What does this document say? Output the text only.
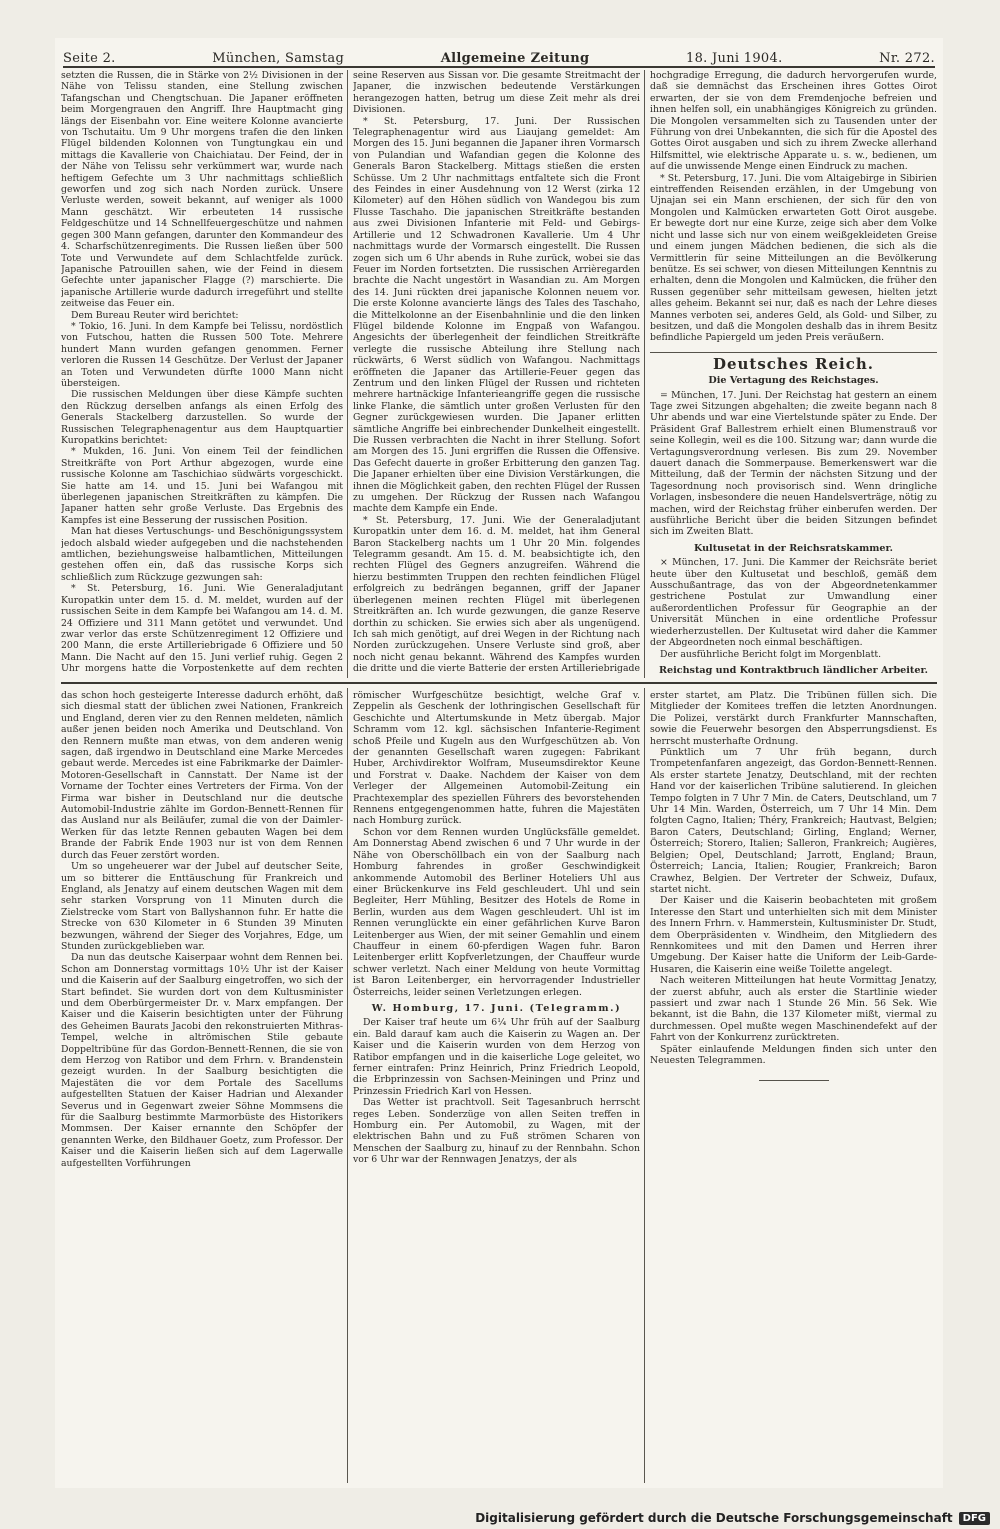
Seite 2.	München, Samstag	Allgemeine Zeitung	18. Juni 1904.	Nr. 272.

setzten die Russen, die in Stärke von 2½ Divisionen in der Nähe von Telissu standen, eine Stellung zwischen Tafangschan und Chengtschuan. Die Japaner eröffneten beim Morgengrauen den Angriff. Ihre Hauptmacht ging längs der Eisenbahn vor. Eine weitere Kolonne avancierte von Tschutaitu. Um 9 Uhr morgens trafen die den linken Flügel bildenden Kolonnen von Tungtungkau ein und mittags die Kavallerie von Chaichiatau. Der Feind, der in der Nähe von Telissu sehr verkümmert war, wurde nach heftigem Gefechte um 3 Uhr nachmittags schließlich geworfen und zog sich nach Norden zurück. Unsere Verluste werden, soweit bekannt, auf weniger als 1000 Mann geschätzt. Wir erbeuteten 14 russische Feldgeschütze und 14 Schnellfeuergeschütze und nahmen gegen 300 Mann gefangen, darunter den Kommandeur des 4. Scharfschützenregiments. Die Russen ließen über 500 Tote und Verwundete auf dem Schlachtfelde zurück. Japanische Patrouillen sahen, wie der Feind in diesem Gefechte unter japanischer Flagge (?) marschierte. Die japanische Artillerie wurde dadurch irregeführt und stellte zeitweise das Feuer ein.

Dem Bureau Reuter wird berichtet:

* Tokio, 16. Juni. In dem Kampfe bei Telissu, nordöstlich von Futschou, hatten die Russen 500 Tote. Mehrere hundert Mann wurden gefangen genommen. Ferner verloren die Russen 14 Geschütze. Der Verlust der Japaner an Toten und Verwundeten dürfte 1000 Mann nicht übersteigen.

Die russischen Meldungen über diese Kämpfe suchten den Rückzug derselben anfangs als einen Erfolg des Generals Stackelberg darzustellen. So wurde der Russischen Telegraphenagentur aus dem Hauptquartier Kuropatkins berichtet:

* Mukden, 16. Juni. Von einem Teil der feindlichen Streitkräfte von Port Arthur abgezogen, wurde eine russische Kolonne am Taschichiao südwärts vorgeschickt. Sie hatte am 14. und 15. Juni bei Wafangou mit überlegenen japanischen Streitkräften zu kämpfen. Die Japaner hatten sehr große Verluste. Das Ergebnis des Kampfes ist eine Besserung der russischen Position.

Man hat dieses Vertuschungs- und Beschönigungssystem jedoch alsbald wieder aufgegeben und die nachstehenden amtlichen, beziehungsweise halbamtlichen, Mitteilungen gestehen offen ein, daß das russische Korps sich schließlich zum Rückzuge gezwungen sah:

* St. Petersburg, 16. Juni. Wie Generaladjutant Kuropatkin unter dem 15. d. M. meldet, wurden auf der russischen Seite in dem Kampfe bei Wafangou am 14. d. M. 24 Offiziere und 311 Mann getötet und verwundet. Und zwar verlor das erste Schützenregiment 12 Offiziere und 200 Mann, die erste Artilleriebrigade 6 Offiziere und 50 Mann. Die Nacht auf den 15. Juni verlief ruhig. Gegen 2 Uhr morgens hatte die Vorpostenkette auf dem rechten

seine Reserven aus Sissan vor. Die gesamte Streitmacht der Japaner, die inzwischen bedeutende Verstärkungen herangezogen hatten, betrug um diese Zeit mehr als drei Divisionen.

* St. Petersburg, 17. Juni. Der Russischen Telegraphenagentur wird aus Liaujang gemeldet: Am Morgen des 15. Juni begannen die Japaner ihren Vormarsch von Pulandian und Wafandian gegen die Kolonne des Generals Baron Stackelberg. Mittags stießen die ersten Schüsse. Um 2 Uhr nachmittags entfaltete sich die Front des Feindes in einer Ausdehnung von 12 Werst (zirka 12 Kilometer) auf den Höhen südlich von Wandegou bis zum Flusse Taschaho. Die japanischen Streitkräfte bestanden aus zwei Divisionen Infanterie mit Feld- und Gebirgs-Artillerie und 12 Schwadronen Kavallerie. Um 4 Uhr nachmittags wurde der Vormarsch eingestellt. Die Russen zogen sich um 6 Uhr abends in Ruhe zurück, wobei sie das Feuer im Norden fortsetzten. Die russischen Arrièregarden brachte die Nacht ungestört in Wasandian zu. Am Morgen des 14. Juni rückten drei japanische Kolonnen neuem vor. Die erste Kolonne avancierte längs des Tales des Taschaho, die Mittelkolonne an der Eisenbahnlinie und die den linken Flügel bildende Kolonne im Engpaß von Wafangou. Angesichts der überlegenheit der feindlichen Streitkräfte verlegte die russische Abteilung ihre Stellung nach rückwärts, 6 Werst südlich von Wafangou. Nachmittags eröffneten die Japaner das Artillerie-Feuer gegen das Zentrum und den linken Flügel der Russen und richteten mehrere hartnäckige Infanterieangriffe gegen die russische linke Flanke, die sämtlich unter großen Verlusten für den Gegner zurückgewiesen wurden. Die Japaner erlitten sämtliche Angriffe bei einbrechender Dunkelheit eingestellt. Die Russen verbrachten die Nacht in ihrer Stellung. Sofort am Morgen des 15. Juni ergriffen die Russen die Offensive. Das Gefecht dauerte in großer Erbitterung den ganzen Tag. Die Japaner erhielten über eine Division Verstärkungen, die ihnen die Möglichkeit gaben, den rechten Flügel der Russen zu umgehen. Der Rückzug der Russen nach Wafangou machte dem Kampfe ein Ende.

* St. Petersburg, 17. Juni. Wie der Generaladjutant Kuropatkin unter dem 16. d. M. meldet, hat ihm General Baron Stackelberg nachts um 1 Uhr 20 Min. folgendes Telegramm gesandt. Am 15. d. M. beabsichtigte ich, den rechten Flügel des Gegners anzugreifen. Während die hierzu bestimmten Truppen den rechten feindlichen Flügel erfolgreich zu bedrängen begannen, griff der Japaner überlegenen meinen rechten Flügel mit überlegenen Streitkräften an. Ich wurde gezwungen, die ganze Reserve dorthin zu schicken. Sie erwies sich aber als ungenügend. Ich sah mich genötigt, auf drei Wegen in der Richtung nach Norden zurückzugehen. Unsere Verluste sind groß, aber noch nicht genau bekannt. Während des Kampfes wurden die dritte und die vierte Batterie der ersten Artilleriebrigade

hochgradige Erregung, die dadurch hervorgerufen wurde, daß sie demnächst das Erscheinen ihres Gottes Oirot erwarten, der sie von dem Fremdenjoche befreien und ihnen helfen soll, ein unabhängiges Königreich zu gründen. Die Mongolen versammelten sich zu Tausenden unter der Führung von drei Unbekannten, die sich für die Apostel des Gottes Oirot ausgaben und sich zu ihrem Zwecke allerhand Hilfsmittel, wie elektrische Apparate u. s. w., bedienen, um auf die unwissende Menge einen Eindruck zu machen.

* St. Petersburg, 17. Juni. Die vom Altaigebirge in Sibirien eintreffenden Reisenden erzählen, in der Umgebung von Ujnajan sei ein Mann erschienen, der sich für den von Mongolen und Kalmücken erwarteten Gott Oirot ausgebe. Er bewegte dort nur eine Kurze, zeige sich aber dem Volke nicht und lasse sich nur von einem weißgekleideten Greise und einem jungen Mädchen bedienen, die sich als die Vermittlerin für seine Mitteilungen an die Bevölkerung benütze. Es sei schwer, von diesen Mitteilungen Kenntnis zu erhalten, denn die Mongolen und Kalmücken, die früher den Russen gegenüber sehr mitteilsam gewesen, hielten jetzt alles geheim. Bekannt sei nur, daß es nach der Lehre dieses Mannes verboten sei, anderes Geld, als Gold- und Silber, zu besitzen, und daß die Mongolen deshalb das in ihrem Besitz befindliche Papiergeld um jeden Preis veräußern.

Deutsches Reich.
Die Vertagung des Reichstages.

= München, 17. Juni. Der Reichstag hat gestern an einem Tage zwei Sitzungen abgehalten; die zweite begann nach 8 Uhr abends und war eine Viertelstunde später zu Ende. Der Präsident Graf Ballestrem erhielt einen Blumenstrauß vor seine Kollegin, weil es die 100. Sitzung war; dann wurde die Vertagungsverordnung verlesen. Bis zum 29. November dauert danach die Sommerpause. Bemerkenswert war die Mitteilung, daß der Termin der nächsten Sitzung und der Tagesordnung noch provisorisch sind. Wenn dringliche Vorlagen, insbesondere die neuen Handelsverträge, nötig zu machen, wird der Reichstag früher einberufen werden. Der ausführliche Bericht über die beiden Sitzungen befindet sich im Zweiten Blatt.

Kultusetat in der Reichsratskammer.

× München, 17. Juni. Die Kammer der Reichsräte beriet heute über den Kultusetat und beschloß, gemäß dem Ausschußantrage, das von der Abgeordnetenkammer gestrichene Postulat zur Umwandlung einer außerordentlichen Professur für Geographie an der Universität München in eine ordentliche Professur wiederherzustellen. Der Kultusetat wird daher die Kammer der Abgeordneten noch einmal beschäftigen.

Der ausführliche Bericht folgt im Morgenblatt.

Reichstag und Kontraktbruch ländlicher Arbeiter.

das schon hoch gesteigerte Interesse dadurch erhöht, daß sich diesmal statt der üblichen zwei Nationen, Frankreich und England, deren vier zu den Rennen meldeten, nämlich außer jenen beiden noch Amerika und Deutschland. Von den Rennern mußte man etwas, von dem anderen wenig sagen, daß irgendwo in Deutschland eine Marke Mercedes gebaut werde. Mercedes ist eine Fabrikmarke der Daimler-Motoren-Gesellschaft in Cannstatt. Der Name ist der Vorname der Tochter eines Vertreters der Firma. Von der Firma war bisher in Deutschland nur die deutsche Automobil-Industrie zählte im Gordon-Bennett-Rennen für das Ausland nur als Beiläufer, zumal die von der Daimler-Werken für das letzte Rennen gebauten Wagen bei dem Brande der Fabrik Ende 1903 nur ist von dem Rennen durch das Feuer zerstört worden.

Um so ungeheuerer war der Jubel auf deutscher Seite, um so bitterer die Enttäuschung für Frankreich und England, als Jenatzy auf einem deutschen Wagen mit dem sehr starken Vorsprung von 11 Minuten durch die Zielstrecke vom Start von Ballyshannon fuhr. Er hatte die Strecke von 630 Kilometer in 6 Stunden 39 Minuten bezwungen, während der Sieger des Vorjahres, Edge, um Stunden zurückgeblieben war.

Da nun das deutsche Kaiserpaar wohnt dem Rennen bei. Schon am Donnerstag vormittags 10½ Uhr ist der Kaiser und die Kaiserin auf der Saalburg eingetroffen, wo sich der Start befindet. Sie wurden dort von dem Kultusminister und dem Oberbürgermeister Dr. v. Marx empfangen. Der Kaiser und die Kaiserin besichtigten unter der Führung des Geheimen Baurats Jacobi den rekonstruierten Mithras-Tempel, welche in altrömischen Stile gebaute Doppeltribüne für das Gordon-Bennett-Rennen, die sie von dem Herzog von Ratibor und dem Frhrn. v. Brandenstein gezeigt wurden. In der Saalburg besichtigten die Majestäten die vor dem Portale des Sacellums aufgestellten Statuen der Kaiser Hadrian und Alexander Severus und in Gegenwart zweier Söhne Mommsens die für die Saalburg bestimmte Marmorbüste des Historikers Mommsen. Der Kaiser ernannte den Schöpfer der genannten Werke, den Bildhauer Goetz, zum Professor. Der Kaiser und die Kaiserin ließen sich auf dem Lagerwalle aufgestellten Vorführungen

römischer Wurfgeschütze besichtigt, welche Graf v. Zeppelin als Geschenk der lothringischen Gesellschaft für Geschichte und Altertumskunde in Metz übergab. Major Schramm vom 12. kgl. sächsischen Infanterie-Regiment schoß Pfeile und Kugeln aus den Wurfgeschützen ab. Von der genannten Gesellschaft waren zugegen: Fabrikant Huber, Archivdirektor Wolfram, Museumsdirektor Keune und Forstrat v. Daake. Nachdem der Kaiser von dem Verleger der Allgemeinen Automobil-Zeitung ein Prachtexemplar des speziellen Führers des bevorstehenden Rennens entgegengenommen hatte, fuhren die Majestäten nach Homburg zurück.

Schon vor dem Rennen wurden Unglücksfälle gemeldet. Am Donnerstag Abend zwischen 6 und 7 Uhr wurde in der Nähe von Oberschöllbach ein von der Saalburg nach Homburg fahrendes in großer Geschwindigkeit ankommende Automobil des Berliner Hoteliers Uhl aus einer Brückenkurve ins Feld geschleudert. Uhl und sein Begleiter, Herr Mühling, Besitzer des Hotels de Rome in Berlin, wurden aus dem Wagen geschleudert. Uhl ist im Rennen verunglückte ein einer gefährlichen Kurve Baron Leitenberger aus Wien, der mit seiner Gemahlin und einem Chauffeur in einem 60-pferdigen Wagen fuhr. Baron Leitenberger erlitt Kopfverletzungen, der Chauffeur wurde schwer verletzt. Nach einer Meldung von heute Vormittag ist Baron Leitenberger, ein hervorragender Industrieller Österreichs, leider seinen Verletzungen erlegen.

W. Homburg, 17. Juni. (Telegramm.)

Der Kaiser traf heute um 6¼ Uhr früh auf der Saalburg ein. Bald darauf kam auch die Kaiserin zu Wagen an. Der Kaiser und die Kaiserin wurden von dem Herzog von Ratibor empfangen und in die kaiserliche Loge geleitet, wo ferner eintrafen: Prinz Heinrich, Prinz Friedrich Leopold, die Erbprinzessin von Sachsen-Meiningen und Prinz und Prinzessin Friedrich Karl von Hessen.

Das Wetter ist prachtvoll. Seit Tagesanbruch herrscht reges Leben. Sonderzüge von allen Seiten treffen in Homburg ein. Per Automobil, zu Wagen, mit der elektrischen Bahn und zu Fuß strömen Scharen von Menschen der Saalburg zu, hinauf zu der Rennbahn. Schon vor 6 Uhr war der Rennwagen Jenatzys, der als

erster startet, am Platz. Die Tribünen füllen sich. Die Mitglieder der Komitees treffen die letzten Anordnungen. Die Polizei, verstärkt durch Frankfurter Mannschaften, sowie die Feuerwehr besorgen den Absperrungsdienst. Es herrscht musterhafte Ordnung.

Pünktlich um 7 Uhr früh begann, durch Trompetenfanfaren angezeigt, das Gordon-Bennett-Rennen. Als erster startete Jenatzy, Deutschland, mit der rechten Hand vor der kaiserlichen Tribüne salutierend. In gleichen Tempo folgten in 7 Uhr 7 Min. de Caters, Deutschland, um 7 Uhr 14 Min. Warden, Österreich, um 7 Uhr 14 Min. Dem folgten Cagno, Italien; Théry, Frankreich; Hautvast, Belgien; Baron Caters, Deutschland; Girling, England; Werner, Österreich; Storero, Italien; Salleron, Frankreich; Augières, Belgien; Opel, Deutschland; Jarrott, England; Braun, Österreich; Lancia, Italien; Rougier, Frankreich; Baron Crawhez, Belgien. Der Vertreter der Schweiz, Dufaux, startet nicht.

Der Kaiser und die Kaiserin beobachteten mit großem Interesse den Start und unterhielten sich mit dem Minister des Innern Frhrn. v. Hammerstein, Kultusminister Dr. Studt, dem Oberpräsidenten v. Windheim, den Mitgliedern des Rennkomitees und mit den Damen und Herren ihrer Umgebung. Der Kaiser hatte die Uniform der Leib-Garde-Husaren, die Kaiserin eine weiße Toilette angelegt.

Nach weiteren Mitteilungen hat heute Vormittag Jenatzy, der zuerst abfuhr, auch als erster die Startlinie wieder passiert und zwar nach 1 Stunde 26 Min. 56 Sek. Wie bekannt, ist die Bahn, die 137 Kilometer mißt, viermal zu durchmessen. Opel mußte wegen Maschinendefekt auf der Fahrt von der Konkurrenz zurücktreten.

Später einlaufende Meldungen finden sich unter den Neuesten Telegrammen.

Digitalisierung gefördert durch die Deutsche Forschungsgemeinschaft	DFG
